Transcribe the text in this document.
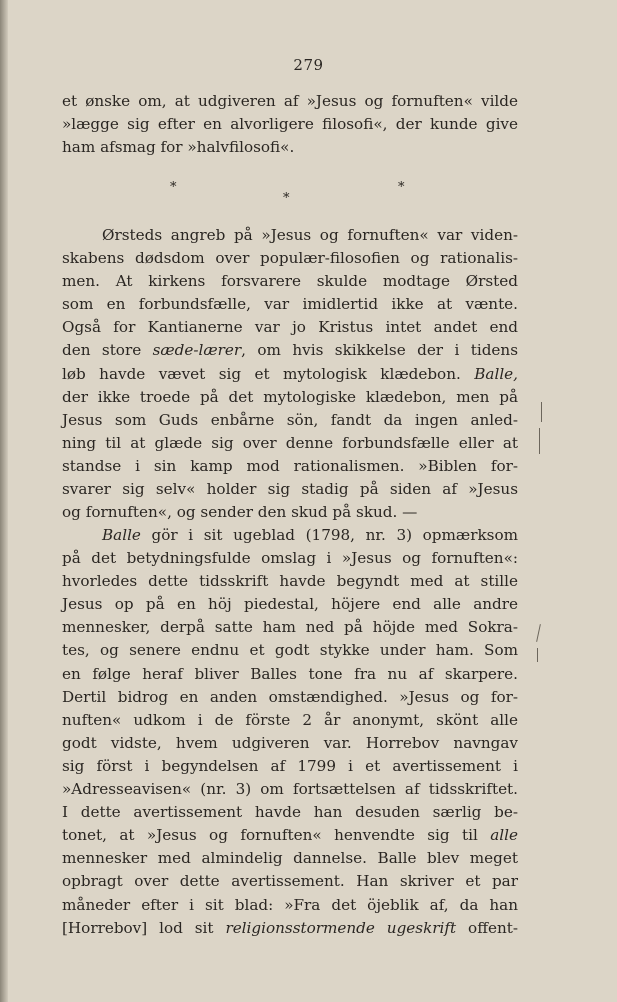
279
et ønske om, at udgiveren af »Jesus og fornuften« vilde
»lægge sig efter en alvorligere filosofi«, der kunde give
ham afsmag for »halvfilosofi«.
*
*
*
Ørsteds angreb på »Jesus og fornuften« var viden-
skabens dødsdom over populær-filosofien og rationalis-
men. At kirkens forsvarere skulde modtage Ørsted
som en forbundsfælle, var imidlertid ikke at vænte.
Også for Kantianerne var jo Kristus intet andet end
den store sæde-lærer, om hvis skikkelse der i tidens
løb havde vævet sig et mytologisk klædebon. Balle,
der ikke troede på det mytologiske klædebon, men på
Jesus som Guds enbårne sön, fandt da ingen anled-
ning til at glæde sig over denne forbundsfælle eller at
standse i sin kamp mod rationalismen. »Biblen for-
svarer sig selv« holder sig stadig på siden af »Jesus
og fornuften«, og sender den skud på skud. —
Balle gör i sit ugeblad (1798, nr. 3) opmærksom
på det betydningsfulde omslag i »Jesus og fornuften«:
hvorledes dette tidsskrift havde begyndt med at stille
Jesus op på en höj piedestal, höjere end alle andre
mennesker, derpå satte ham ned på höjde med Sokra-
tes, og senere endnu et godt stykke under ham. Som
en følge heraf bliver Balles tone fra nu af skarpere.
Dertil bidrog en anden omstændighed. »Jesus og for-
nuften« udkom i de förste 2 år anonymt, skönt alle
godt vidste, hvem udgiveren var. Horrebov navngav
sig först i begyndelsen af 1799 i et avertissement i
»Adresseavisen« (nr. 3) om fortsættelsen af tidsskriftet.
I dette avertissement havde han desuden særlig be-
tonet, at »Jesus og fornuften« henvendte sig til alle
mennesker med almindelig dannelse. Balle blev meget
opbragt over dette avertissement. Han skriver et par
måneder efter i sit blad: »Fra det öjeblik af, da han
[Horrebov] lod sit religionsstormende ugeskrift offent-
